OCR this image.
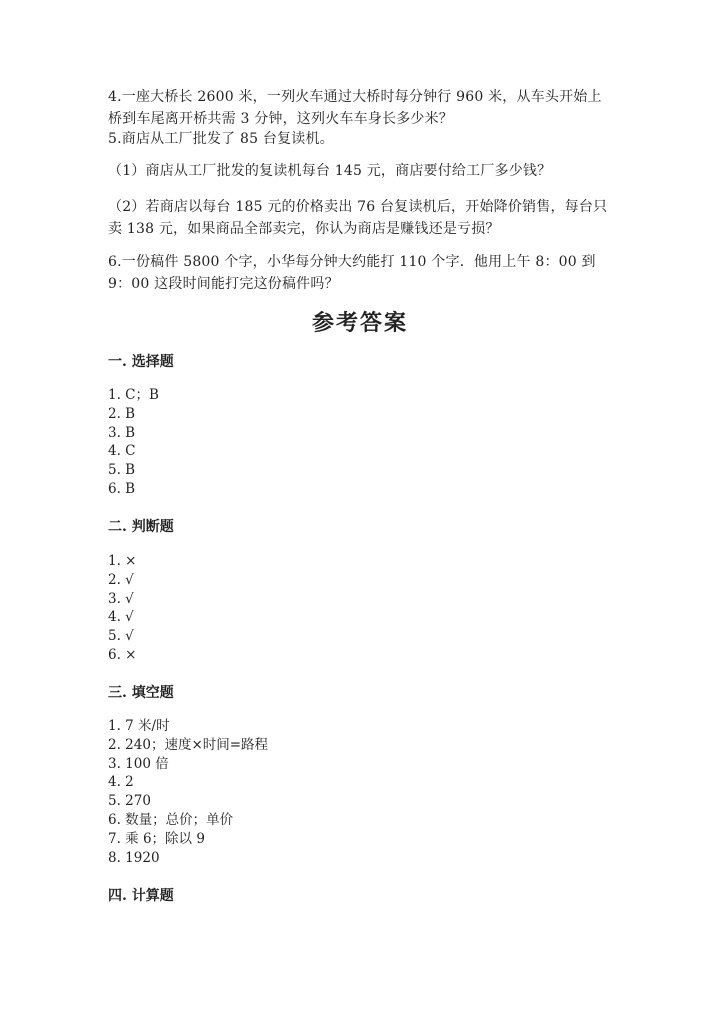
4.一座大桥长 2600 米，一列火车通过大桥时每分钟行 960 米，从车头开始上桥到车尾离开桥共需 3 分钟，这列火车车身长多少米？
5.商店从工厂批发了 85 台复读机。
（1）商店从工厂批发的复读机每台 145 元，商店要付给工厂多少钱？
（2）若商店以每台 185 元的价格卖出 76 台复读机后，开始降价销售，每台只卖 138 元，如果商品全部卖完，你认为商店是赚钱还是亏损？
6.一份稿件 5800 个字，小华每分钟大约能打 110 个字．他用上午 8：00 到 9：00 这段时间能打完这份稿件吗？
参考答案
一. 选择题
1. C；B
2. B
3. B
4. C
5. B
6. B
二. 判断题
1. ×
2. √
3. √
4. √
5. √
6. ×
三. 填空题
1. 7 米/时
2. 240；速度×时间=路程
3. 100 倍
4. 2
5. 270
6. 数量；总价；单价
7. 乘 6；除以 9
8. 1920
四. 计算题
